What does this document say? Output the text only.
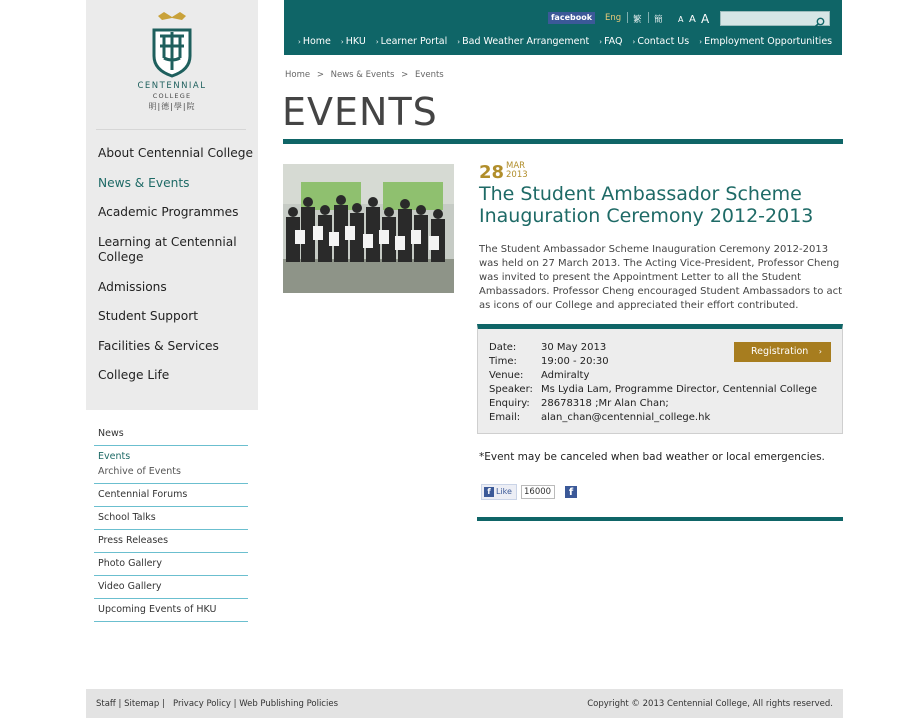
CENTENNIAL
COLLEGE
明|德|學|院
About Centennial College
News & Events
Academic Programmes
Learning at Centennial College
Admissions
Student Support
Facilities & Services
College Life
News
Events
Archive of Events
Centennial Forums
School Talks
Press Releases
Photo Gallery
Video Gallery
Upcoming Events of HKU
facebook	Eng 繁 簡 A A A
› Home › HKU › Learner Portal › Bad Weather Arrangement › FAQ › Contact Us › Employment Opportunities
Home > News & Events > Events
EVENTS
28 MAR
2013
The Student Ambassador Scheme Inauguration Ceremony 2012-2013
The Student Ambassador Scheme Inauguration Ceremony 2012-2013 was held on 27 March 2013. The Acting Vice-President, Professor Cheng was invited to present the Appointment Letter to all the Student Ambassadors. Professor Cheng encouraged Student Ambassadors to act as icons of our College and appreciated their effort contributed.
Date:	30 May 2013
Time:	19:00 - 20:30
Venue:	Admiralty
Speaker: Ms Lydia Lam, Programme Director, Centennial College
Enquiry:	28678318 ;Mr Alan Chan;
Email:	alan_chan@centennial_college.hk
Registration ›
*Event may be canceled when bad weather or local emergencies.
f Like	16000	f
Staff | Sitemap |   Privacy Policy | Web Publishing Policies	Copyright © 2013 Centennial College, All rights reserved.
